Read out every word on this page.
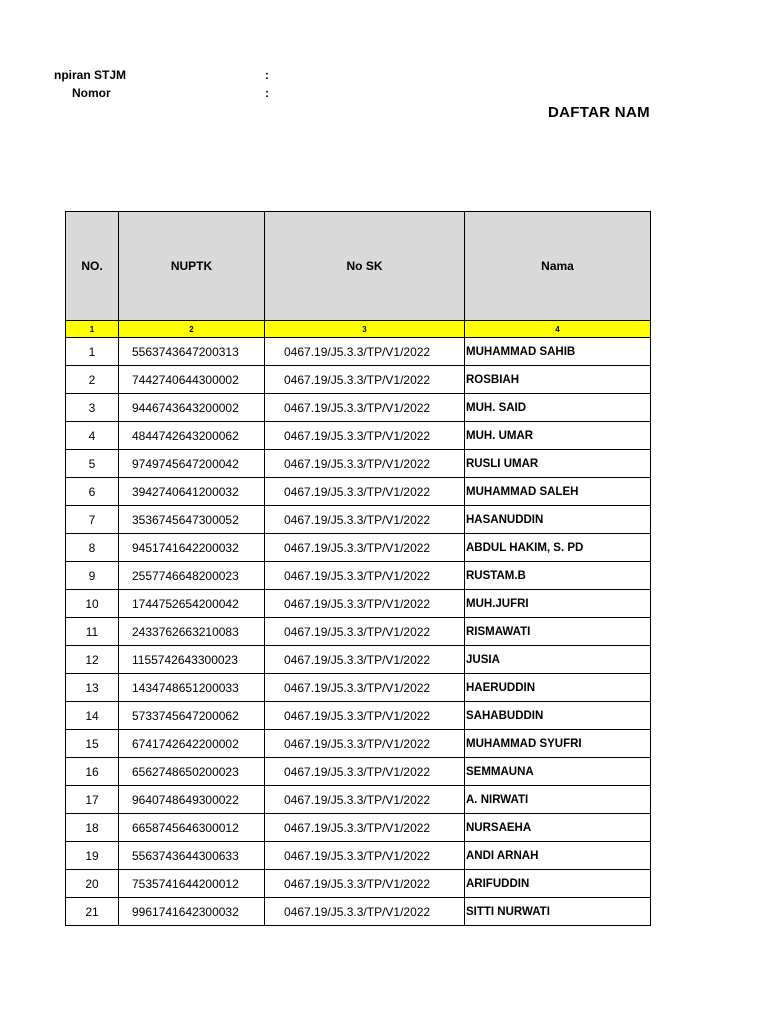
npiran STJM	:
Nomor	:
DAFTAR NAM
NO.	NUPTK	No SK	Nama
1	2	3	4
1	5563743647200313	0467.19/J5.3.3/TP/V1/2022	MUHAMMAD SAHIB
2	7442740644300002	0467.19/J5.3.3/TP/V1/2022	ROSBIAH
3	9446743643200002	0467.19/J5.3.3/TP/V1/2022	MUH. SAID
4	4844742643200062	0467.19/J5.3.3/TP/V1/2022	MUH. UMAR
5	9749745647200042	0467.19/J5.3.3/TP/V1/2022	RUSLI UMAR
6	3942740641200032	0467.19/J5.3.3/TP/V1/2022	MUHAMMAD SALEH
7	3536745647300052	0467.19/J5.3.3/TP/V1/2022	HASANUDDIN
8	9451741642200032	0467.19/J5.3.3/TP/V1/2022	ABDUL HAKIM, S. PD
9	2557746648200023	0467.19/J5.3.3/TP/V1/2022	RUSTAM.B
10	1744752654200042	0467.19/J5.3.3/TP/V1/2022	MUH.JUFRI
11	2433762663210083	0467.19/J5.3.3/TP/V1/2022	RISMAWATI
12	1155742643300023	0467.19/J5.3.3/TP/V1/2022	JUSIA
13	1434748651200033	0467.19/J5.3.3/TP/V1/2022	HAERUDDIN
14	5733745647200062	0467.19/J5.3.3/TP/V1/2022	SAHABUDDIN
15	6741742642200002	0467.19/J5.3.3/TP/V1/2022	MUHAMMAD SYUFRI
16	6562748650200023	0467.19/J5.3.3/TP/V1/2022	SEMMAUNA
17	9640748649300022	0467.19/J5.3.3/TP/V1/2022	A. NIRWATI
18	6658745646300012	0467.19/J5.3.3/TP/V1/2022	NURSAEHA
19	5563743644300633	0467.19/J5.3.3/TP/V1/2022	ANDI ARNAH
20	7535741644200012	0467.19/J5.3.3/TP/V1/2022	ARIFUDDIN
21	9961741642300032	0467.19/J5.3.3/TP/V1/2022	SITTI NURWATI
